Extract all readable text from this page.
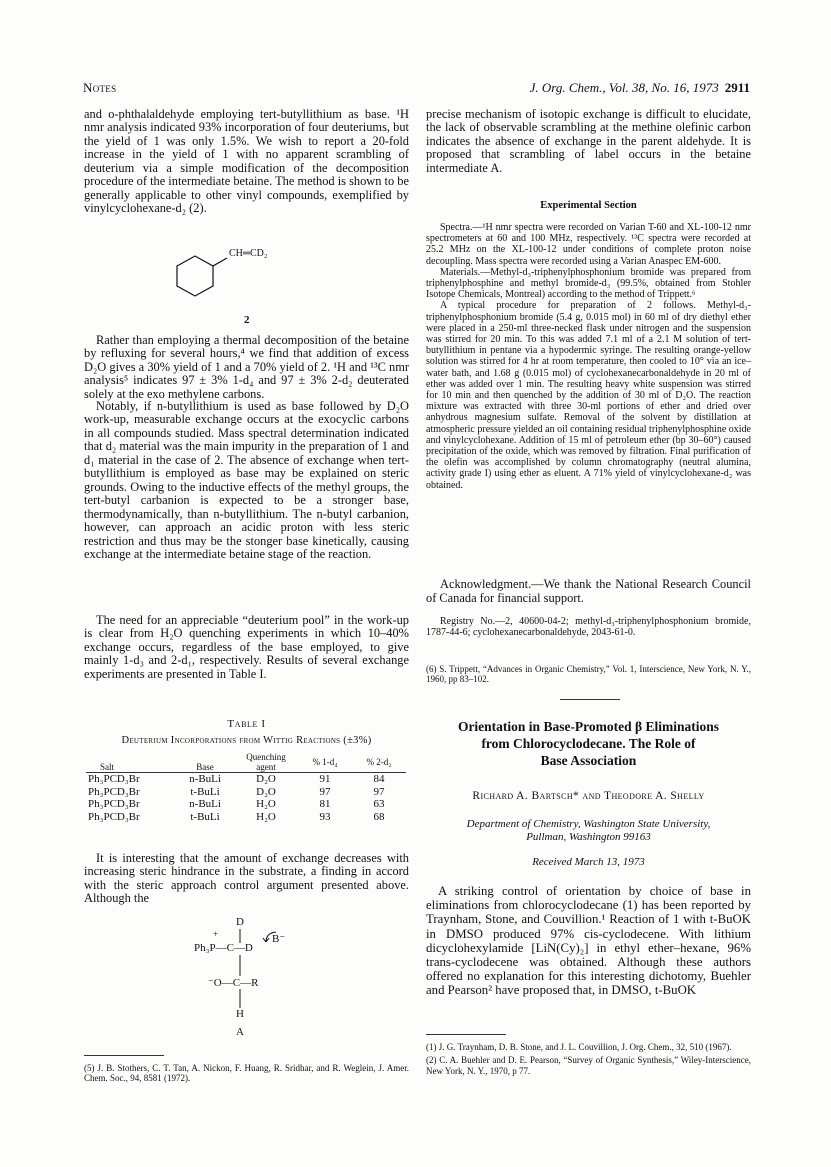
Notes	J. Org. Chem., Vol. 38, No. 16, 1973 2911

and o-phthalaldehyde employing tert-butyllithium as base. ¹H nmr analysis indicated 93% incorporation of four deuteriums, but the yield of 1 was only 1.5%. We wish to report a 20-fold increase in the yield of 1 with no apparent scrambling of deuterium via a simple modification of the decomposition procedure of the intermediate betaine. The method is shown to be generally applicable to other vinyl compounds, exemplified by vinylcyclohexane-d₂ (2).

CH═CD₂
2

Rather than employing a thermal decomposition of the betaine by refluxing for several hours,⁴ we find that addition of excess D₂O gives a 30% yield of 1 and a 70% yield of 2. ¹H and ¹³C nmr analysis⁵ indicates 97 ± 3% 1-d₄ and 97 ± 3% 2-d₂ deuterated solely at the exo methylene carbons.

Notably, if n-butyllithium is used as base followed by D₂O work-up, measurable exchange occurs at the exocyclic carbons in all compounds studied. Mass spectral determination indicated that d₂ material was the main impurity in the preparation of 1 and d₁ material in the case of 2. The absence of exchange when tert-butyllithium is employed as base may be explained on steric grounds. Owing to the inductive effects of the methyl groups, the tert-butyl carbanion is expected to be a stronger base, thermodynamically, than n-butyllithium. The n-butyl carbanion, however, can approach an acidic proton with less steric restriction and thus may be the stonger base kinetically, causing exchange at the intermediate betaine stage of the reaction.

The need for an appreciable “deuterium pool” in the work-up is clear from H₂O quenching experiments in which 10–40% exchange occurs, regardless of the base employed, to give mainly 1-d₃ and 2-d₁, respectively. Results of several exchange experiments are presented in Table I.

Table I
Deuterium Incorporations from Wittig Reactions (±3%)
Salt	Base	Quenching agent	% 1-d₄	% 2-d₂
Ph₃PCD₃Br	n-BuLi	D₂O	91	84
Ph₃PCD₃Br	t-BuLi	D₂O	97	97
Ph₃PCD₃Br	n-BuLi	H₂O	81	63
Ph₃PCD₃Br	t-BuLi	H₂O	93	68

It is interesting that the amount of exchange decreases with increasing steric hindrance in the substrate, a finding in accord with the steric approach control argument presented above. Although the

D
+	B⁻
Ph₃P—C—D
⁻O—C—R
H
A

(5) J. B. Stothers, C. T. Tan, A. Nickon, F. Huang, R. Sridhar, and R. Weglein, J. Amer. Chem. Soc., 94, 8581 (1972).

precise mechanism of isotopic exchange is difficult to elucidate, the lack of observable scrambling at the methine olefinic carbon indicates the absence of exchange in the parent aldehyde. It is proposed that scrambling of label occurs in the betaine intermediate A.

Experimental Section

Spectra.—¹H nmr spectra were recorded on Varian T-60 and XL-100-12 nmr spectrometers at 60 and 100 MHz, respectively. ¹³C spectra were recorded at 25.2 MHz on the XL-100-12 under conditions of complete proton noise decoupling. Mass spectra were recorded using a Varian Anaspec EM-600.

Materials.—Methyl-d₃-triphenylphosphonium bromide was prepared from triphenylphosphine and methyl bromide-d₃ (99.5%, obtained from Stohler Isotope Chemicals, Montreal) according to the method of Trippett.⁶

A typical procedure for preparation of 2 follows. Methyl-d₃-triphenylphosphonium bromide (5.4 g, 0.015 mol) in 60 ml of dry diethyl ether were placed in a 250-ml three-necked flask under nitrogen and the suspension was stirred for 20 min. To this was added 7.1 ml of a 2.1 M solution of tert-butyllithium in pentane via a hypodermic syringe. The resulting orange-yellow solution was stirred for 4 hr at room temperature, then cooled to 10° via an ice–water bath, and 1.68 g (0.015 mol) of cyclohexanecarbonaldehyde in 20 ml of ether was added over 1 min. The resulting heavy white suspension was stirred for 10 min and then quenched by the addition of 30 ml of D₂O. The reaction mixture was extracted with three 30-ml portions of ether and dried over anhydrous magnesium sulfate. Removal of the solvent by distillation at atmospheric pressure yielded an oil containing residual triphenylphosphine oxide and vinylcyclohexane. Addition of 15 ml of petroleum ether (bp 30–60°) caused precipitation of the oxide, which was removed by filtration. Final purification of the olefin was accomplished by column chromatography (neutral alumina, activity grade I) using ether as eluent. A 71% yield of vinylcyclohexane-d₂ was obtained.

Acknowledgment.—We thank the National Research Council of Canada for financial support.

Registry No.—2, 40600-04-2; methyl-d₃-triphenylphosphonium bromide, 1787-44-6; cyclohexanecarbonaldehyde, 2043-61-0.

(6) S. Trippett, “Advances in Organic Chemistry,” Vol. 1, Interscience, New York, N. Y., 1960, pp 83–102.

Orientation in Base-Promoted β Eliminations
from Chlorocyclodecane. The Role of
Base Association
Richard A. Bartsch* and Theodore A. Shelly
Department of Chemistry, Washington State University,
Pullman, Washington 99163
Received March 13, 1973

A striking control of orientation by choice of base in eliminations from chlorocyclodecane (1) has been reported by Traynham, Stone, and Couvillion.¹ Reaction of 1 with t-BuOK in DMSO produced 97% cis-cyclodecene. With lithium dicyclohexylamide [LiN(Cy)₂] in ethyl ether–hexane, 96% trans-cyclodecene was obtained. Although these authors offered no explanation for this interesting dichotomy, Buehler and Pearson² have proposed that, in DMSO, t-BuOK

(1) J. G. Traynham, D. B. Stone, and J. L. Couvillion, J. Org. Chem., 32, 510 (1967).

(2) C. A. Buehler and D. E. Pearson, “Survey of Organic Synthesis,” Wiley-Interscience, New York, N. Y., 1970, p 77.
